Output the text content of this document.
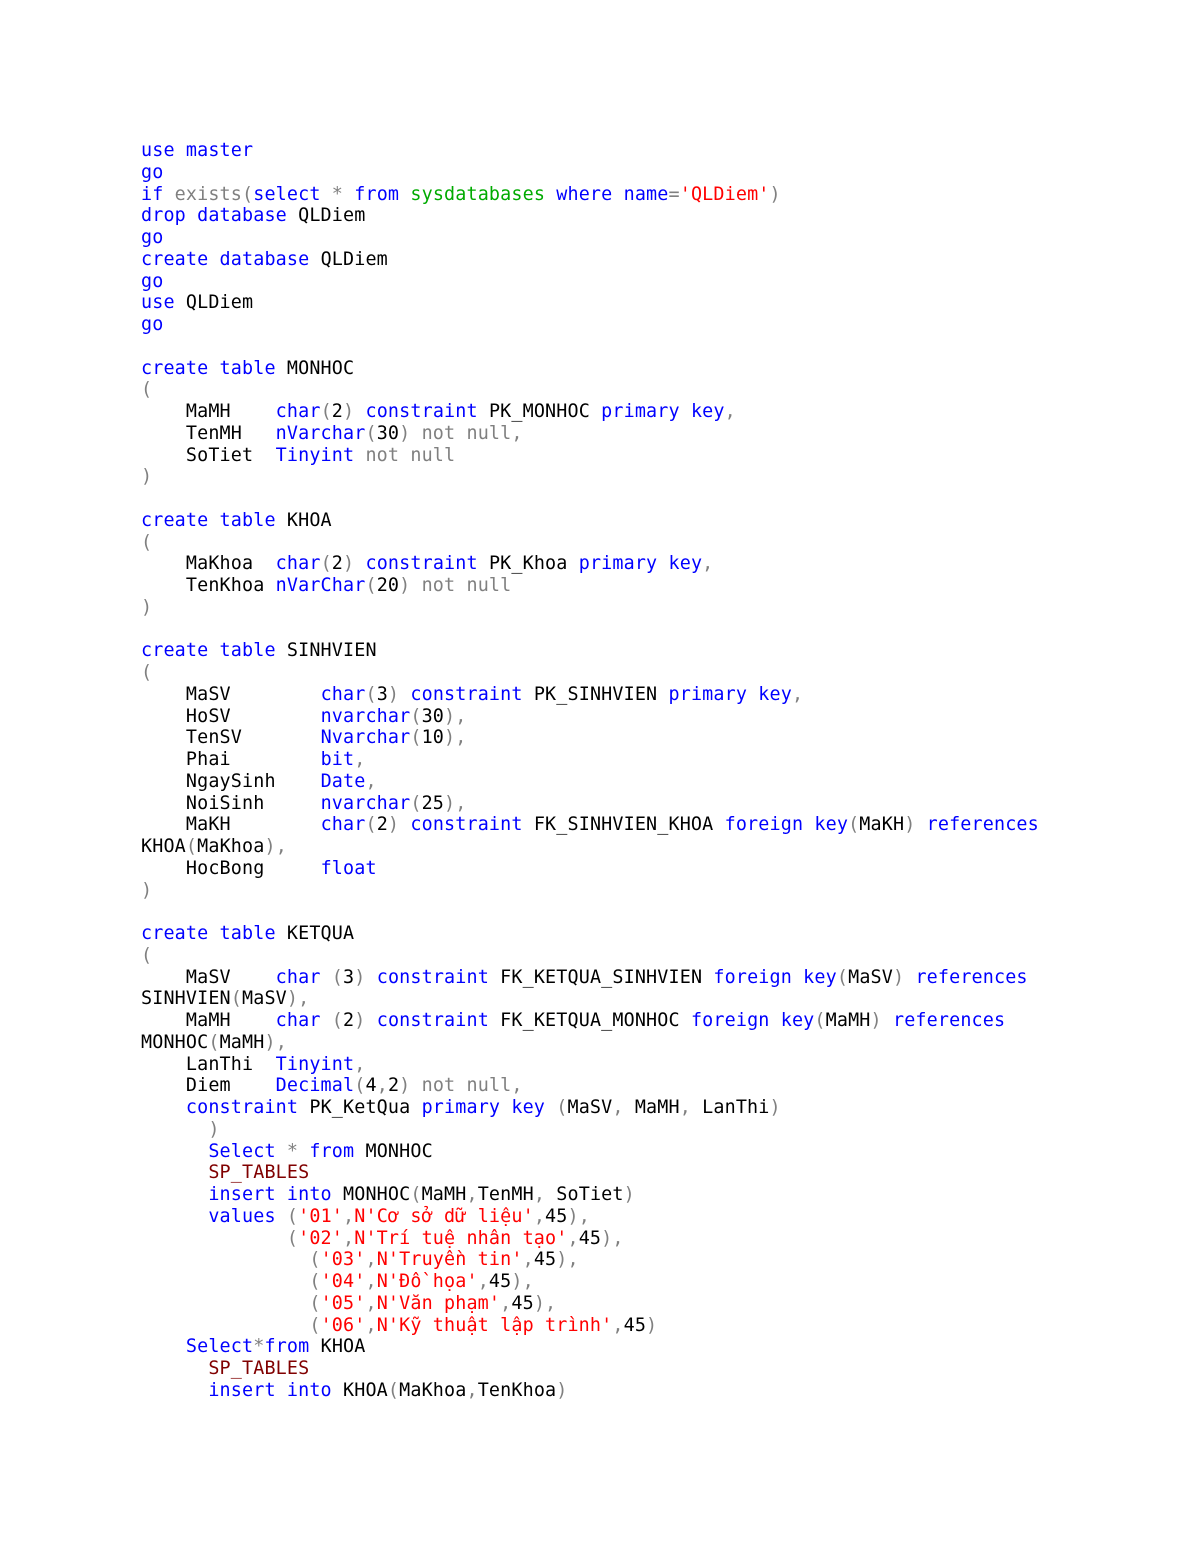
use master
go
if exists(select * from sysdatabases where name='QLDiem')
drop database QLDiem
go
create database QLDiem
go
use QLDiem
go

create table MONHOC
(
MaMH    char(2) constraint PK_MONHOC primary key,
TenMH   nVarchar(30) not null,
SoTiet  Tinyint not null
)

create table KHOA
(
MaKhoa  char(2) constraint PK_Khoa primary key,
TenKhoa nVarChar(20) not null
)

create table SINHVIEN
(
MaSV        char(3) constraint PK_SINHVIEN primary key,
HoSV        nvarchar(30),
TenSV       Nvarchar(10),
Phai        bit,
NgaySinh    Date,
NoiSinh     nvarchar(25),
MaKH        char(2) constraint FK_SINHVIEN_KHOA foreign key(MaKH) references
KHOA(MaKhoa),
HocBong     float
)

create table KETQUA
(
MaSV    char (3) constraint FK_KETQUA_SINHVIEN foreign key(MaSV) references
SINHVIEN(MaSV),
MaMH    char (2) constraint FK_KETQUA_MONHOC foreign key(MaMH) references
MONHOC(MaMH),
LanThi  Tinyint,
Diem    Decimal(4,2) not null,
constraint PK_KetQua primary key (MaSV, MaMH, LanThi)
)
Select * from MONHOC
SP_TABLES
insert into MONHOC(MaMH,TenMH, SoTiet)
values ('01',N'Cơ sở dữ liệu',45),
('02',N'Trí tuệ nhân tạo',45),
('03',N'Truyền tin',45),
('04',N'Đồ họa',45),
('05',N'Văn phạm',45),
('06',N'Kỹ thuật lập trình',45)
Select*from KHOA
SP_TABLES
insert into KHOA(MaKhoa,TenKhoa)
